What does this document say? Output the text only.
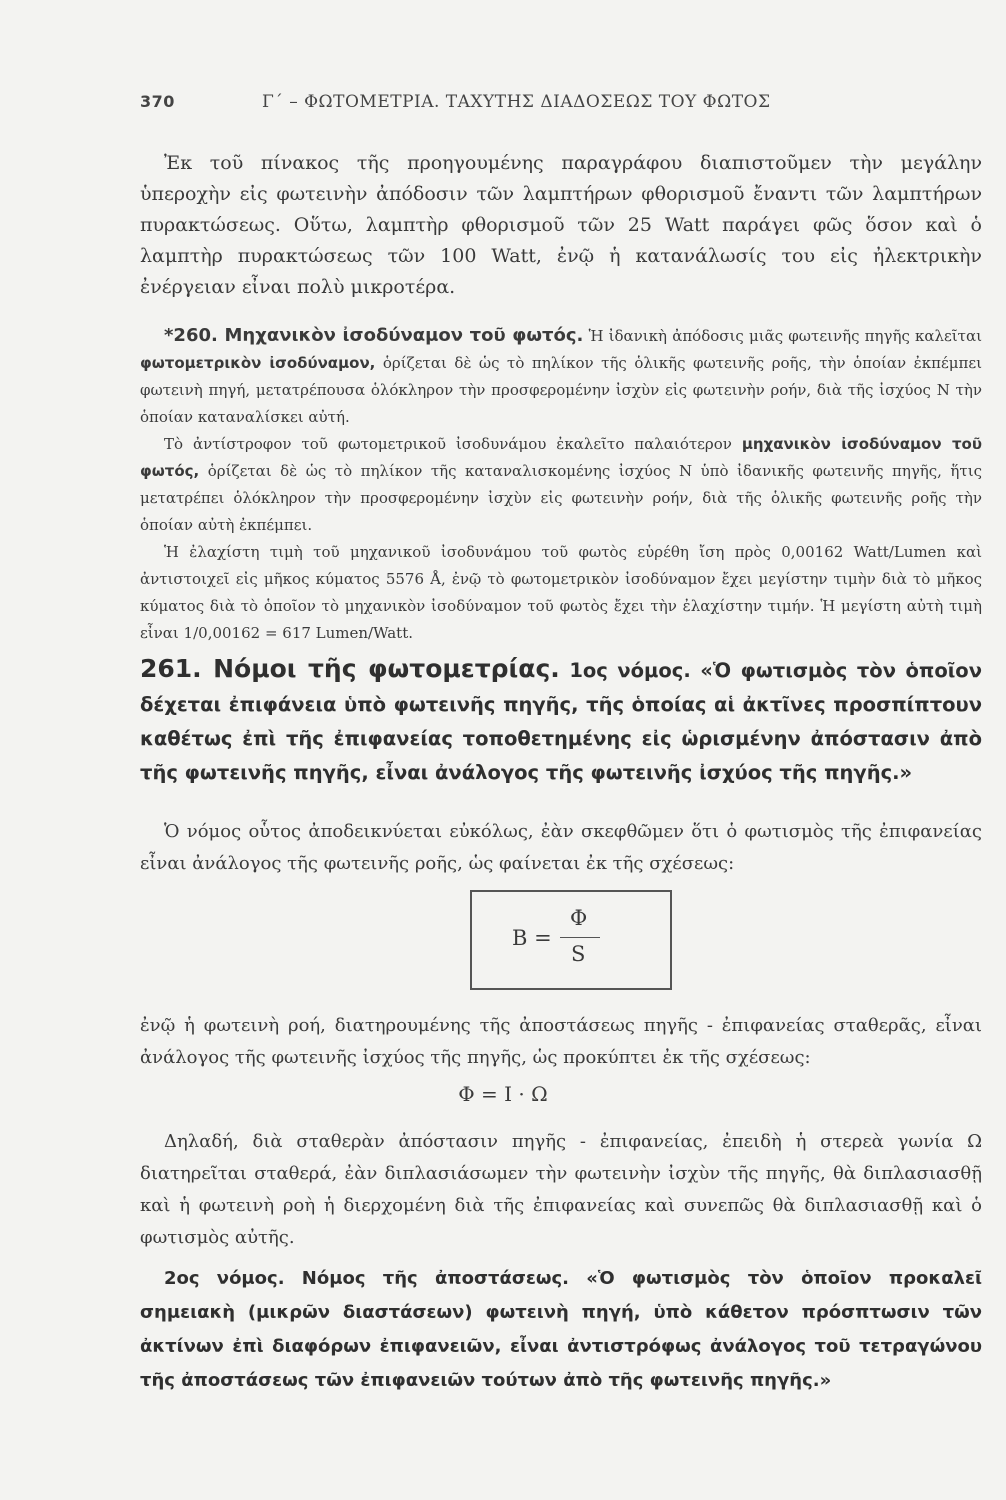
370	Γ΄ – ΦΩΤΟΜΕΤΡΙΑ. ΤΑΧΥΤΗΣ ΔΙΑΔΟΣΕΩΣ ΤΟΥ ΦΩΤΟΣ

Ἐκ τοῦ πίνακος τῆς προηγουμένης παραγράφου διαπιστοῦμεν τὴν μεγάλην ὑπεροχὴν εἰς φωτεινὴν ἀπόδοσιν τῶν λαμπτήρων φθορισμοῦ ἔναντι τῶν λαμπτήρων πυρακτώσεως. Οὕτω, λαμπτὴρ φθορισμοῦ τῶν 25 Watt παράγει φῶς ὅσον καὶ ὁ λαμπτὴρ πυρακτώσεως τῶν 100 Watt, ἐνῷ ἡ κατανάλωσίς του εἰς ἠλεκτρικὴν ἐνέργειαν εἶναι πολὺ μικροτέρα.

*260. Μηχανικὸν ἰσοδύναμον τοῦ φωτός. Ἡ ἰδανικὴ ἀπόδοσις μιᾶς φωτεινῆς πηγῆς καλεῖται φωτομετρικὸν ἰσοδύναμον, ὁρίζεται δὲ ὡς τὸ πηλίκον τῆς ὁλικῆς φωτεινῆς ροῆς, τὴν ὁποίαν ἐκπέμπει φωτεινὴ πηγή, μετατρέπουσα ὁλόκληρον τὴν προσφερομένην ἰσχὺν εἰς φωτεινὴν ροήν, διὰ τῆς ἰσχύος N τὴν ὁποίαν καταναλίσκει αὐτή.

Τὸ ἀντίστροφον τοῦ φωτομετρικοῦ ἰσοδυνάμου ἐκαλεῖτο παλαιότερον μηχανικὸν ἰσοδύναμον τοῦ φωτός, ὁρίζεται δὲ ὡς τὸ πηλίκον τῆς καταναλισκομένης ἰσχύος N ὑπὸ ἰδανικῆς φωτεινῆς πηγῆς, ἥτις μετατρέπει ὁλόκληρον τὴν προσφερομένην ἰσχὺν εἰς φωτεινὴν ροήν, διὰ τῆς ὁλικῆς φωτεινῆς ροῆς τὴν ὁποίαν αὐτὴ ἐκπέμπει.

Ἡ ἐλαχίστη τιμὴ τοῦ μηχανικοῦ ἰσοδυνάμου τοῦ φωτὸς εὑρέθη ἴση πρὸς 0,00162 Watt/Lumen καὶ ἀντιστοιχεῖ εἰς μῆκος κύματος 5576 Å, ἐνῷ τὸ φωτομετρικὸν ἰσοδύναμον ἔχει μεγίστην τιμὴν διὰ τὸ μῆκος κύματος διὰ τὸ ὁποῖον τὸ μηχανικὸν ἰσοδύναμον τοῦ φωτὸς ἔχει τὴν ἐλαχίστην τιμήν. Ἡ μεγίστη αὐτὴ τιμὴ εἶναι 1/0,00162 = 617 Lumen/Watt.

261. Νόμοι τῆς φωτομετρίας. 1ος νόμος. «Ὁ φωτισμὸς τὸν ὁποῖον δέχεται ἐπιφάνεια ὑπὸ φωτεινῆς πηγῆς, τῆς ὁποίας αἱ ἀκτῖνες προσπίπτουν καθέτως ἐπὶ τῆς ἐπιφανείας τοποθετημένης εἰς ὡρισμένην ἀπόστασιν ἀπὸ τῆς φωτεινῆς πηγῆς, εἶναι ἀνάλογος τῆς φωτεινῆς ἰσχύος τῆς πηγῆς.»

Ὁ νόμος οὗτος ἀποδεικνύεται εὐκόλως, ἐὰν σκεφθῶμεν ὅτι ὁ φωτισμὸς τῆς ἐπιφανείας εἶναι ἀνάλογος τῆς φωτεινῆς ροῆς, ὡς φαίνεται ἐκ τῆς σχέσεως:

B =
Φ
S

ἐνῷ ἡ φωτεινὴ ροή, διατηρουμένης τῆς ἀποστάσεως πηγῆς - ἐπιφανείας σταθερᾶς, εἶναι ἀνάλογος τῆς φωτεινῆς ἰσχύος τῆς πηγῆς, ὡς προκύπτει ἐκ τῆς σχέσεως:

Φ = I · Ω

Δηλαδή, διὰ σταθερὰν ἀπόστασιν πηγῆς - ἐπιφανείας, ἐπειδὴ ἡ στερεὰ γωνία Ω διατηρεῖται σταθερά, ἐὰν διπλασιάσωμεν τὴν φωτεινὴν ἰσχὺν τῆς πηγῆς, θὰ διπλασιασθῇ καὶ ἡ φωτεινὴ ροὴ ἡ διερχομένη διὰ τῆς ἐπιφανείας καὶ συνεπῶς θὰ διπλασιασθῇ καὶ ὁ φωτισμὸς αὐτῆς.

2ος νόμος. Νόμος τῆς ἀποστάσεως. «Ὁ φωτισμὸς τὸν ὁποῖον προκαλεῖ σημειακὴ (μικρῶν διαστάσεων) φωτεινὴ πηγή, ὑπὸ κάθετον πρόσπτωσιν τῶν ἀκτίνων ἐπὶ διαφόρων ἐπιφανειῶν, εἶναι ἀντιστρόφως ἀνάλογος τοῦ τετραγώνου τῆς ἀποστάσεως τῶν ἐπιφανειῶν τούτων ἀπὸ τῆς φωτεινῆς πηγῆς.»
